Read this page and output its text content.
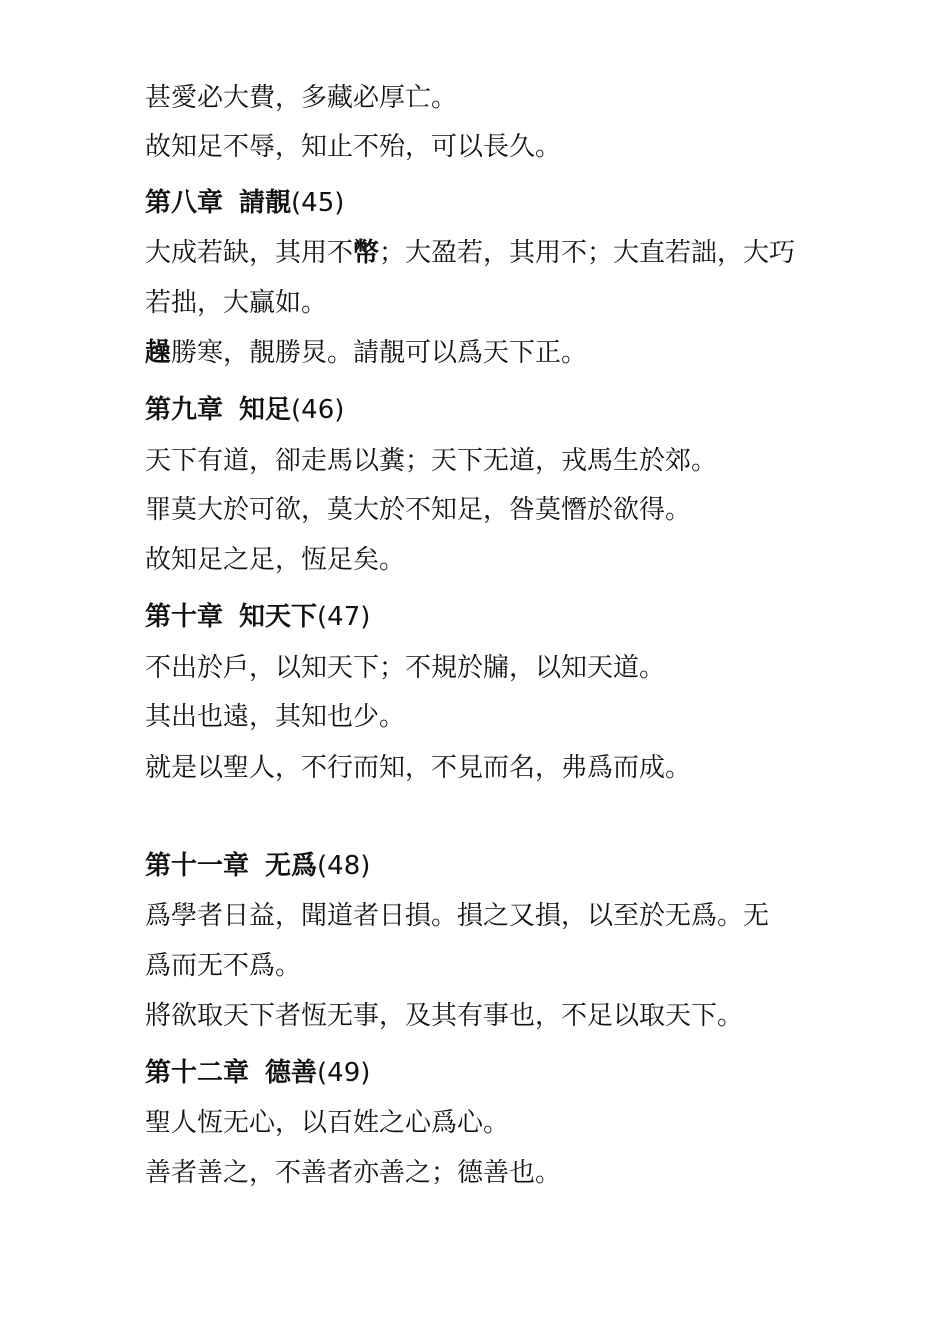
甚愛必大費，多藏必厚亡。
故知足不辱，知止不殆，可以長久。
第八章 請靚(45)
大成若缺，其用不幣；大盈若，其用不；大直若詘，大巧
若拙，大贏如。
趮勝寒，靚勝炅。請靚可以爲天下正。
第九章 知足(46)
天下有道，卻走馬以糞；天下无道，戎馬生於郊。
罪莫大於可欲，莫大於不知足，咎莫憯於欲得。
故知足之足，恆足矣。
第十章 知天下(47)
不出於戶，以知天下；不規於牖，以知天道。
其出也遠，其知也少。
就是以聖人，不行而知，不見而名，弗爲而成。
第十一章 无爲(48)
爲學者日益，聞道者日損。損之又損，以至於无爲。无
爲而无不爲。
將欲取天下者恆无事，及其有事也，不足以取天下。
第十二章 德善(49)
聖人恆无心，以百姓之心爲心。
善者善之，不善者亦善之；德善也。
